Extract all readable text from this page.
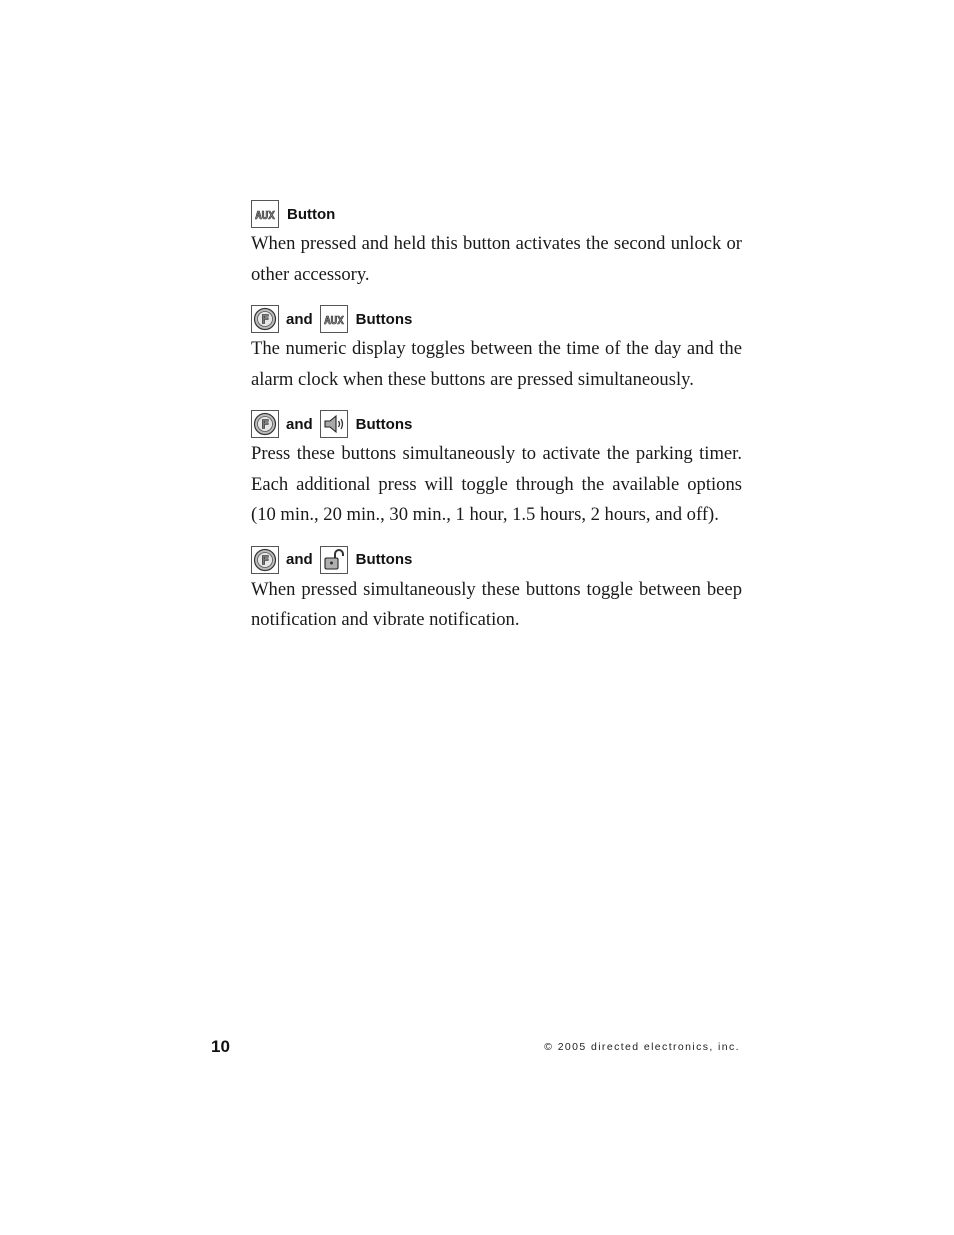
AUX Button

When pressed and held this button activates the second unlock or other accessory.

F and AUX Buttons

The numeric display toggles between the time of the day and the alarm clock when these buttons are pressed simultaneously.

F and	Buttons

Press these buttons simultaneously to activate the parking timer. Each additional press will toggle through the available options (10 min., 20 min., 30 min., 1 hour, 1.5 hours, 2 hours, and off).

F and	Buttons

When pressed simultaneously these buttons toggle between beep notification and vibrate notification.

10	© 2005 directed electronics, inc.
